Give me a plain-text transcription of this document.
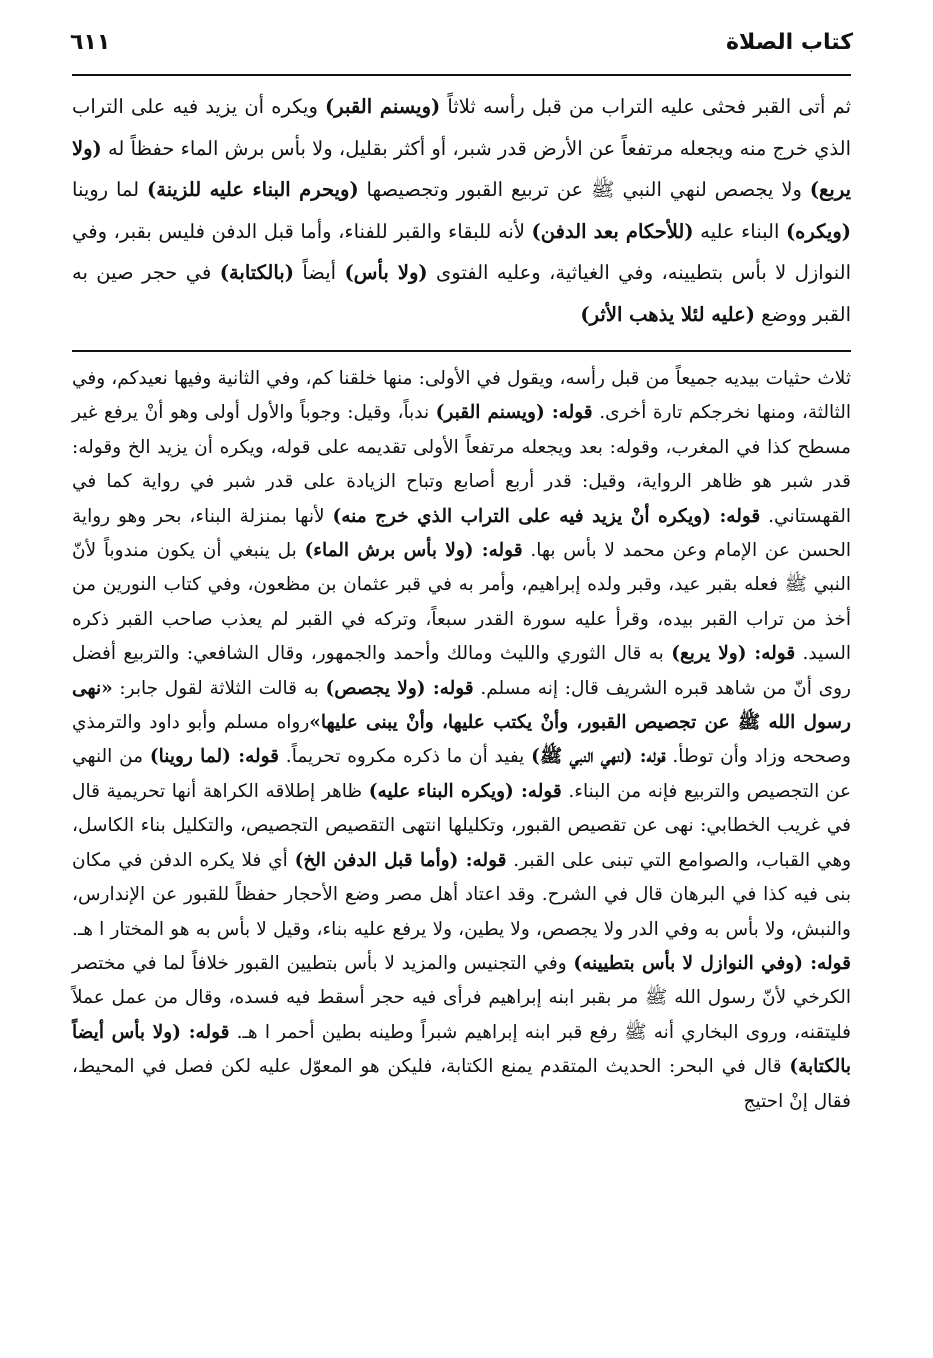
كتاب الصلاة
٦١١
ثم أتى القبر فحثى عليه التراب من قبل رأسه ثلاثاً (ويسنم القبر) ويكره أن يزيد فيه على التراب الذي خرج منه ويجعله مرتفعاً عن الأرض قدر شبر، أو أكثر بقليل، ولا بأس برش الماء حفظاً له (ولا يربع) ولا يجصص لنهي النبي ﷺ عن تربيع القبور وتجصيصها (ويحرم البناء عليه للزينة) لما روينا (ويكره) البناء عليه (للأحكام بعد الدفن) لأنه للبقاء والقبر للفناء، وأما قبل الدفن فليس بقبر، وفي النوازل لا بأس بتطيينه، وفي الغياثية، وعليه الفتوى (ولا بأس) أيضاً (بالكتابة) في حجر صين به القبر ووضع (عليه لئلا يذهب الأثر)
ثلاث حثيات بيديه جميعاً من قبل رأسه، ويقول في الأولى: منها خلقنا كم، وفي الثانية وفيها نعيدكم، وفي الثالثة، ومنها نخرجكم تارة أخرى. قوله: (ويسنم القبر) ندباً، وقيل: وجوباً والأول أولى وهو أنْ يرفع غير مسطح كذا في المغرب، وقوله: بعد ويجعله مرتفعاً الأولى تقديمه على قوله، ويكره أن يزيد الخ وقوله: قدر شبر هو ظاهر الرواية، وقيل: قدر أربع أصابع وتباح الزيادة على قدر شبر في رواية كما في القهستاني. قوله: (ويكره أنْ يزيد فيه على التراب الذي خرج منه) لأنها بمنزلة البناء، بحر وهو رواية الحسن عن الإمام وعن محمد لا بأس بها. قوله: (ولا بأس برش الماء) بل ينبغي أن يكون مندوباً لأنّ النبي ﷺ فعله بقبر عيد، وقبر ولده إبراهيم، وأمر به في قبر عثمان بن مظعون، وفي كتاب النورين من أخذ من تراب القبر بيده، وقرأ عليه سورة القدر سبعاً، وتركه في القبر لم يعذب صاحب القبر ذكره السيد. قوله: (ولا يربع) به قال الثوري والليث ومالك وأحمد والجمهور، وقال الشافعي: والتربيع أفضل روى أنّ من شاهد قبره الشريف قال: إنه مسلم. قوله: (ولا يجصص) به قالت الثلاثة لقول جابر: «نهى رسول الله ﷺ عن تجصيص القبور، وأنْ يكتب عليها، وأنْ يبنى عليها»رواه مسلم وأبو داود والترمذي وصححه وزاد وأن توطأ. قوله: (لنهي النبي ﷺ) يفيد أن ما ذكره مكروه تحريماً. قوله: (لما روينا) من النهي عن التجصيص والتربيع فإنه من البناء. قوله: (ويكره البناء عليه) ظاهر إطلاقه الكراهة أنها تحريمية قال في غريب الخطابي: نهى عن تقصيص القبور، وتكليلها انتهى التقصيص التجصيص، والتكليل بناء الكاسل، وهي القباب، والصوامع التي تبنى على القبر. قوله: (وأما قبل الدفن الخ) أي فلا يكره الدفن في مكان بنى فيه كذا في البرهان قال في الشرح. وقد اعتاد أهل مصر وضع الأحجار حفظاً للقبور عن الإندارس، والنبش، ولا بأس به وفي الدر ولا يجصص، ولا يطين، ولا يرفع عليه بناء، وقيل لا بأس به هو المختار ا هـ. قوله: (وفي النوازل لا بأس بتطيينه) وفي التجنيس والمزيد لا بأس بتطيين القبور خلافاً لما في مختصر الكرخي لأنّ رسول الله ﷺ مر بقبر ابنه إبراهيم فرأى فيه حجر أسقط فيه فسده، وقال من عمل عملاً فليتقنه، وروى البخاري أنه ﷺ رفع قبر ابنه إبراهيم شبراً وطينه بطين أحمر ا هـ. قوله: (ولا بأس أيضاً بالكتابة) قال في البحر: الحديث المتقدم يمنع الكتابة، فليكن هو المعوّل عليه لكن فصل في المحيط، فقال إنْ احتيج
